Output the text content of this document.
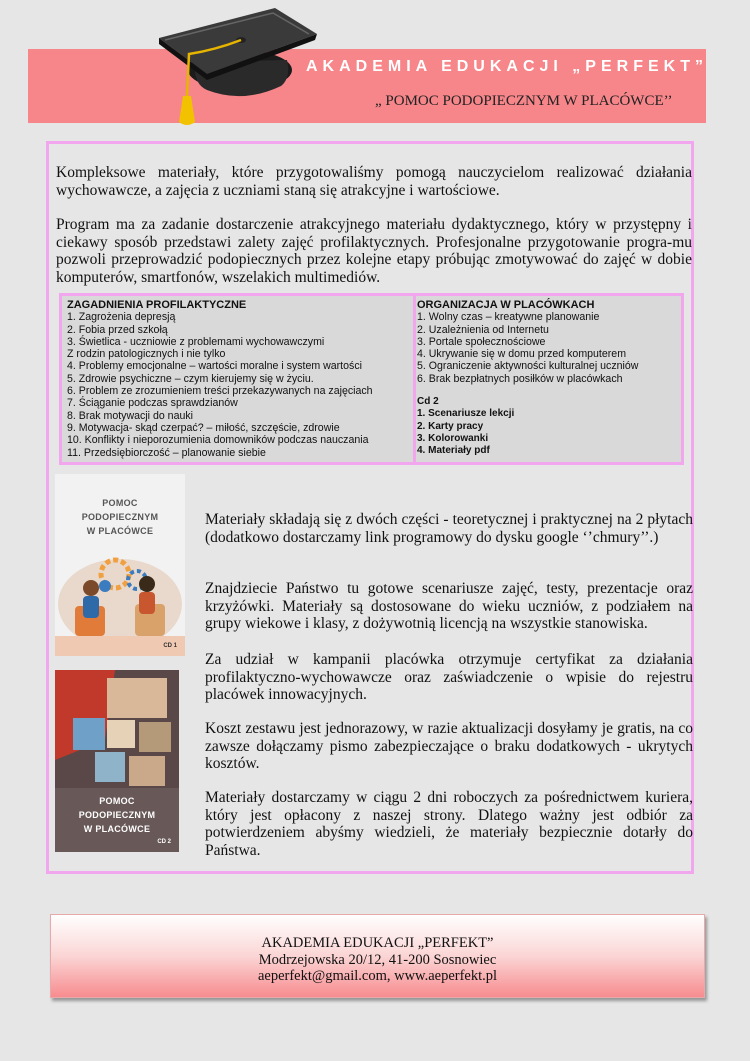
AKADEMIA EDUKACJI „PERFEKT”
„ POMOC PODOPIECZNYM W PLACÓWCE’’

Kompleksowe materiały, które przygotowaliśmy pomogą nauczycielom realizować działania wychowawcze, a zajęcia z uczniami staną się atrakcyjne i wartościowe.

Program ma za zadanie dostarczenie atrakcyjnego materiału dydaktycznego, który w przystępny i ciekawy sposób przedstawi zalety zajęć profilaktycznych. Profesjonalne przygotowanie progra-mu pozwoli przeprowadzić podopiecznych przez kolejne etapy próbując zmotywować do zajęć w dobie komputerów, smartfonów, wszelakich multimediów.

ZAGADNIENIA PROFILAKTYCZNE
1. Zagrożenia depresją
2. Fobia przed szkołą
3. Świetlica - uczniowie z problemami wychowawczymi
Z rodzin patologicznych i nie tylko
4. Problemy emocjonalne – wartości moralne i system wartości
5. Zdrowie psychiczne – czym kierujemy się w życiu.
6. Problem ze zrozumieniem treści przekazywanych na zajęciach
7. Ściąganie podczas sprawdzianów
8. Brak motywacji do nauki
9. Motywacja- skąd czerpać? – miłość, szczęście, zdrowie
10. Konflikty i nieporozumienia domowników podczas nauczania
11. Przedsiębiorczość – planowanie siebie
ORGANIZACJA W PLACÓWKACH
1. Wolny czas – kreatywne planowanie
2. Uzależnienia od Internetu
3. Portale społecznościowe
4. Ukrywanie się w domu przed komputerem
5. Ograniczenie aktywności kulturalnej uczniów
6. Brak bezpłatnych posiłków w placówkach
Cd 2
1. Scenariusze lekcji
2. Karty pracy
3. Kolorowanki
4. Materiały pdf
POMOC
PODOPIECZNYM
W PLACÓWCE
CD 1
POMOC
PODOPIECZNYM
W PLACÓWCE
CD 2

Materiały składają się z dwóch części - teoretycznej i praktycznej na 2 płytach (dodatkowo dostarczamy link programowy do dysku google ‘’chmury’’.)

Znajdziecie Państwo tu gotowe scenariusze zajęć, testy, prezentacje oraz krzyżówki. Materiały są dostosowane do wieku uczniów, z podziałem na grupy wiekowe i klasy, z dożywotnią licencją na wszystkie stanowiska.

Za udział w kampanii placówka otrzymuje certyfikat za działania profilaktyczno-wychowawcze oraz zaświadczenie o wpisie do rejestru placówek innowacyjnych.

Koszt zestawu jest jednorazowy, w razie aktualizacji dosyłamy je gratis, na co zawsze dołączamy pismo zabezpieczające o braku dodatkowych - ukrytych kosztów.

Materiały dostarczamy w ciągu 2 dni roboczych za pośrednictwem kuriera, który jest opłacony z naszej strony. Dlatego ważny jest odbiór za potwierdzeniem abyśmy wiedzieli, że materiały bezpiecznie dotarły do Państwa.

AKADEMIA EDUKACJI „PERFEKT”
Modrzejowska 20/12, 41-200 Sosnowiec
aeperfekt@gmail.com, www.aeperfekt.pl
